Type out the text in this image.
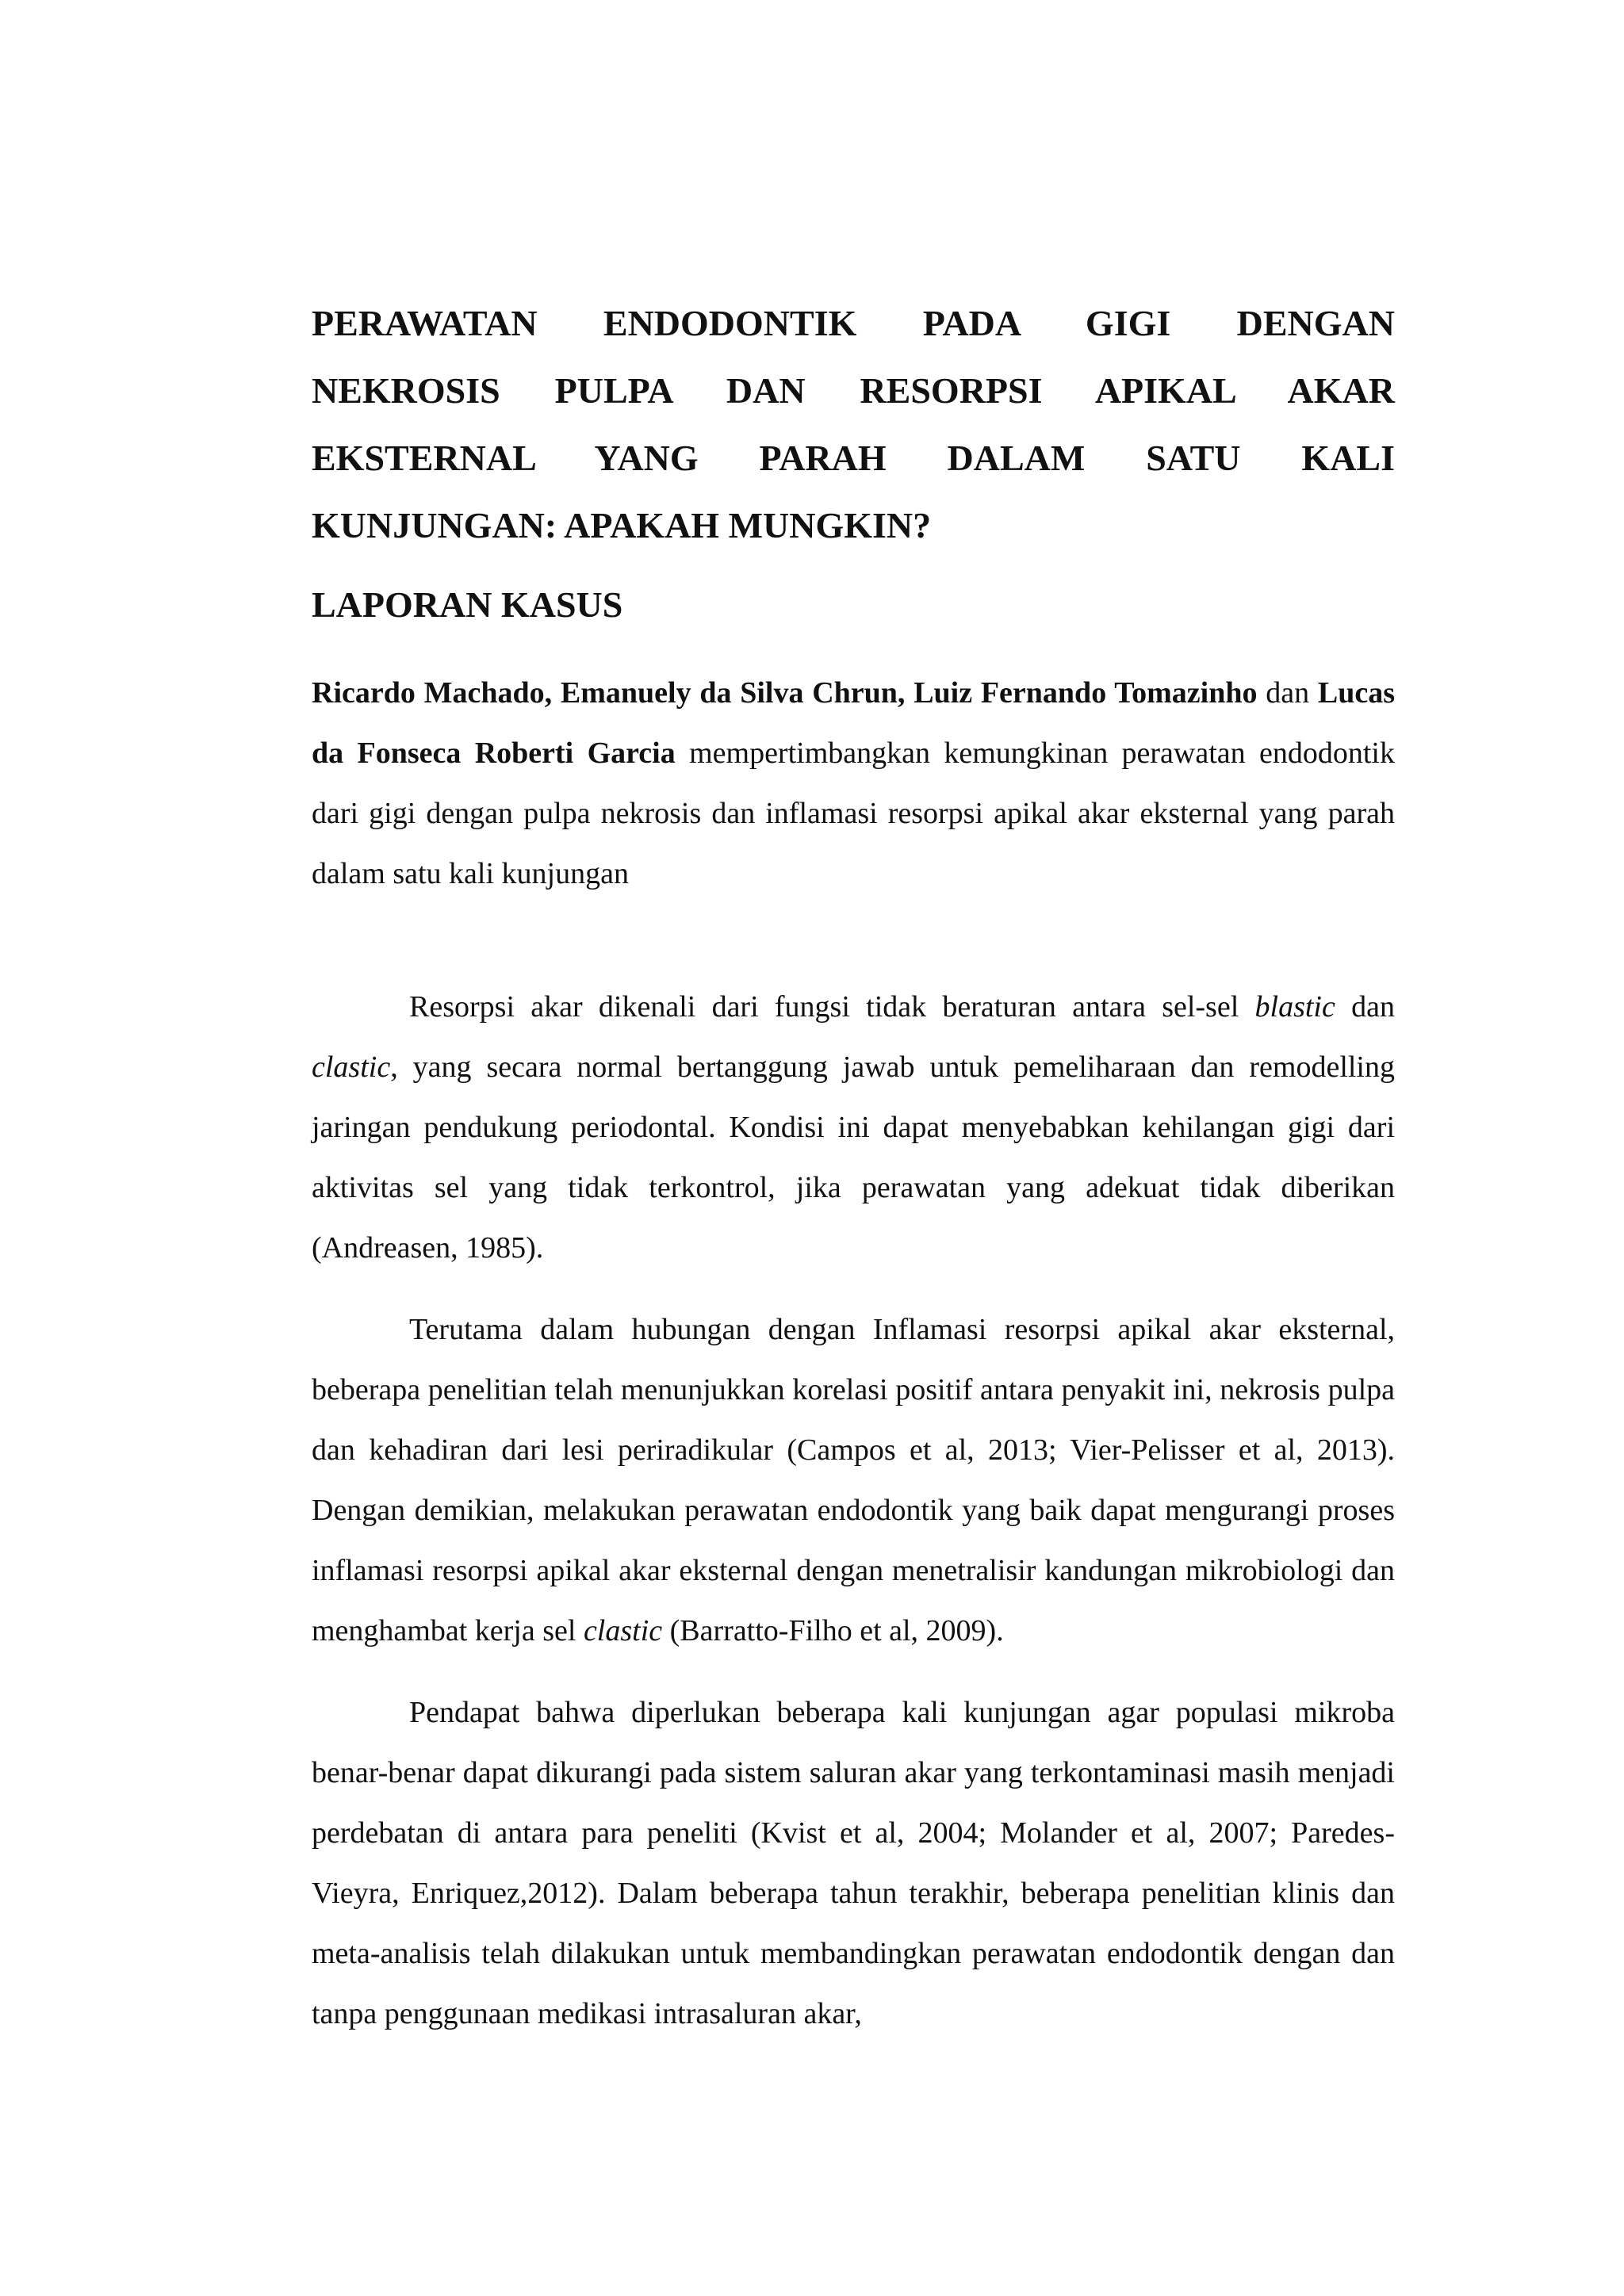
PERAWATAN ENDODONTIK PADA GIGI DENGAN
NEKROSIS PULPA DAN RESORPSI APIKAL AKAR
EKSTERNAL YANG PARAH DALAM SATU KALI
KUNJUNGAN: APAKAH MUNGKIN?
LAPORAN KASUS

Ricardo Machado, Emanuely da Silva Chrun, Luiz Fernando Tomazinho dan Lucas da Fonseca Roberti Garcia mempertimbangkan kemungkinan perawatan endodontik dari gigi dengan pulpa nekrosis dan inflamasi resorpsi apikal akar eksternal yang parah dalam satu kali kunjungan

Resorpsi akar dikenali dari fungsi tidak beraturan antara sel-sel blastic dan clastic, yang secara normal bertanggung jawab untuk pemeliharaan dan remodelling jaringan pendukung periodontal. Kondisi ini dapat menyebabkan kehilangan gigi dari aktivitas sel yang tidak terkontrol, jika perawatan yang adekuat tidak diberikan (Andreasen, 1985).

Terutama dalam hubungan dengan Inflamasi resorpsi apikal akar eksternal, beberapa penelitian telah menunjukkan korelasi positif antara penyakit ini, nekrosis pulpa dan kehadiran dari lesi periradikular (Campos et al, 2013; Vier-Pelisser et al, 2013). Dengan demikian, melakukan perawatan endodontik yang baik dapat mengurangi proses inflamasi resorpsi apikal akar eksternal dengan menetralisir kandungan mikrobiologi dan menghambat kerja sel clastic (Barratto-Filho et al, 2009).

Pendapat bahwa diperlukan beberapa kali kunjungan agar populasi mikroba benar-benar dapat dikurangi pada sistem saluran akar yang terkontaminasi masih menjadi perdebatan di antara para peneliti (Kvist et al, 2004; Molander et al, 2007; Paredes-Vieyra, Enriquez,2012). Dalam beberapa tahun terakhir, beberapa penelitian klinis dan meta-analisis telah dilakukan untuk membandingkan perawatan endodontik dengan dan tanpa penggunaan medikasi intrasaluran akar,
